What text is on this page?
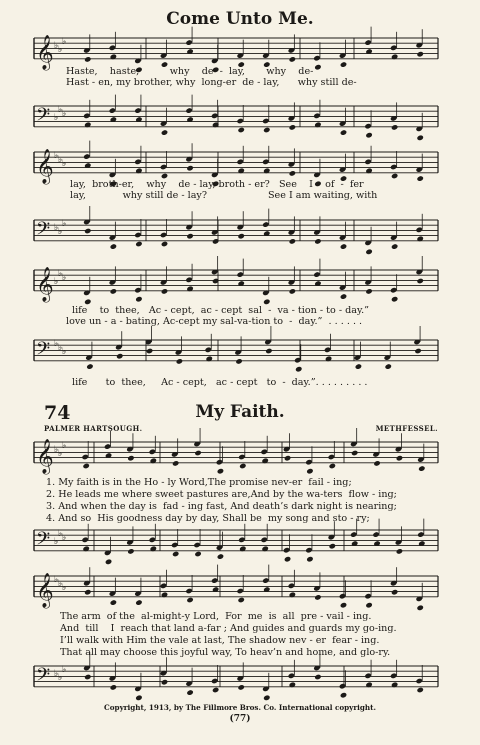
Come Unto Me.
𝄞 ♭ ♭
♭
𝄢 ♭
♭ ♭
𝄞 ♭ ♭ ♭
𝄢 ♭ ♭
♭
𝄞 ♭
♭ ♭
𝄢 ♭ ♭ ♭
𝄞 ♭ ♭
♭
𝄢 ♭
♭ ♭
𝄞 ♭ ♭ ♭
𝄢 ♭ ♭
♭
Haste,    haste,          why    de  -  lay,       why    de-
Hast - en, my brother, why  long-er  de - lay,      why still de-
lay,  broth-er,    why    de - lay, broth - er?   See    I    of  -  fer
lay,            why still de - lay?                    See I am waiting, with
life    to  thee,   Ac - cept,  ac - cept  sal  -  va - tion - to - day.”
love un - a - bating, Ac-cept my sal-va-tion to  -  day.”  . . . . . .
life      to  thee,     Ac - cept,   ac - cept   to  -  day.”. . . . . . . . .
74	My Faith.
PALMER HARTSOUGH.	METHFESSEL.
1. My faith is in the Ho - ly Word,The promise nev-er  fail - ing;
2. He leads me where sweet pastures are,And by the wa-ters  flow - ing;
3. And when the day is  fad - ing fast, And death’s dark night is nearing;
4. And so  His goodness day by day, Shall be  my song and sto - ry;
The arm  of the  al-might-y Lord,  For  me  is  all  pre - vail - ing.
And  till    I  reach that land a-far ; And guides and guards my go-ing.
I’ll walk with Him the vale at last, The shadow nev - er  fear - ing.
That all may choose this joyful way, To heav’n and home, and glo-ry.
Copyright, 1913, by The Fillmore Bros. Co. International copyright.
(77)
